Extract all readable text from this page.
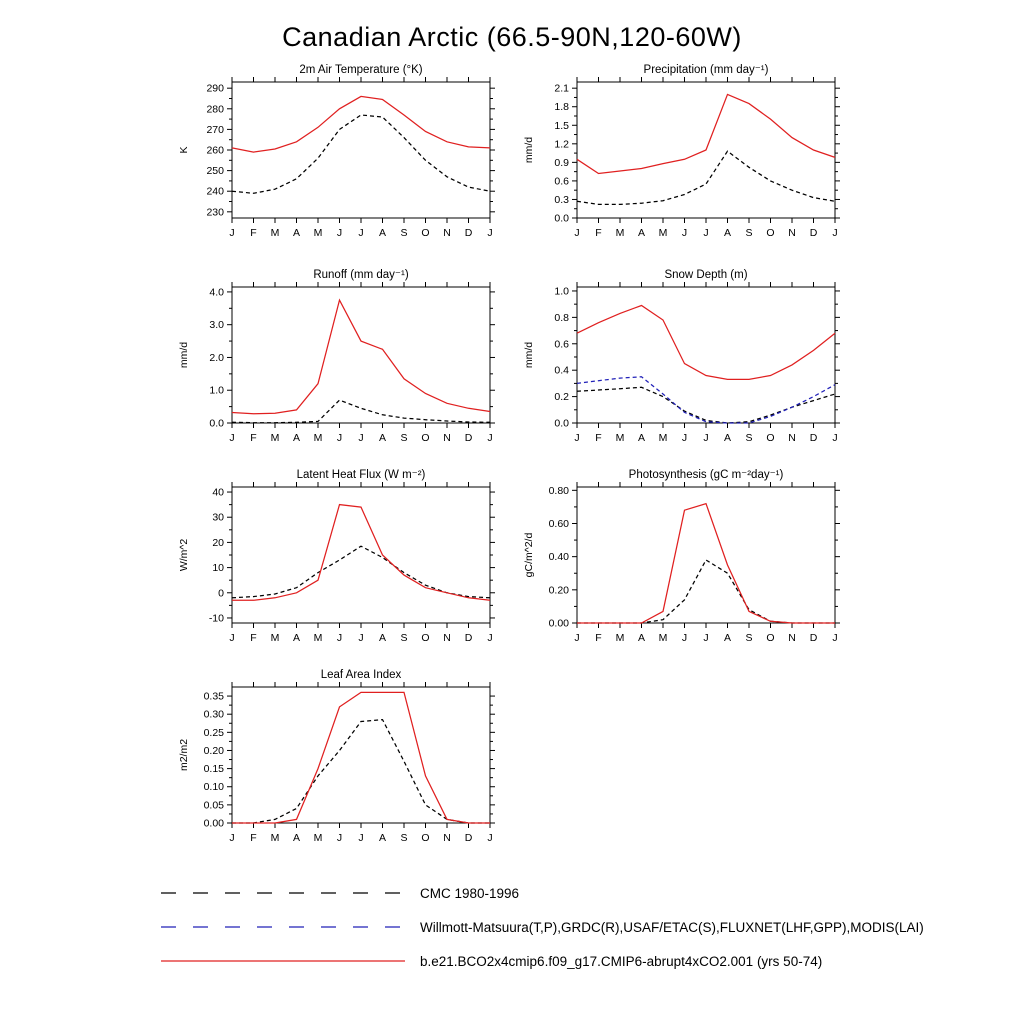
Canadian Arctic (66.5-90N,120-60W)
2m Air Temperature (°K)
230
240
250
260
270
280
290
J F M A M J J A S O N D J
K
Precipitation (mm day⁻¹)
0.0
0.3
0.6
0.9
1.2
1.5
1.8
2.1
J F M A M J J A S O N D J
mm/d
Runoff (mm day⁻¹)
0.0
1.0
2.0
3.0
4.0
J F M A M J J A S O N D J
mm/d
Snow Depth (m)
0.0
0.2
0.4
0.6
0.8
1.0
J F M A M J J A S O N D J
mm/d
Latent Heat Flux (W m⁻²)
-10
0
10
20
30
40
J F M A M J J A S O N D J
W/m^2
Photosynthesis (gC m⁻²day⁻¹)
0.00
0.20
0.40
0.60
0.80
J F M A M J J A S O N D J
gC/m^2/d
Leaf Area Index
0.00
0.05
0.10
0.15
0.20
0.25
0.30
0.35
J F M A M J J A S O N D J
m2/m2
CMC 1980-1996
Willmott-Matsuura(T,P),GRDC(R),USAF/ETAC(S),FLUXNET(LHF,GPP),MODIS(LAI)
b.e21.BCO2x4cmip6.f09_g17.CMIP6-abrupt4xCO2.001 (yrs 50-74)
